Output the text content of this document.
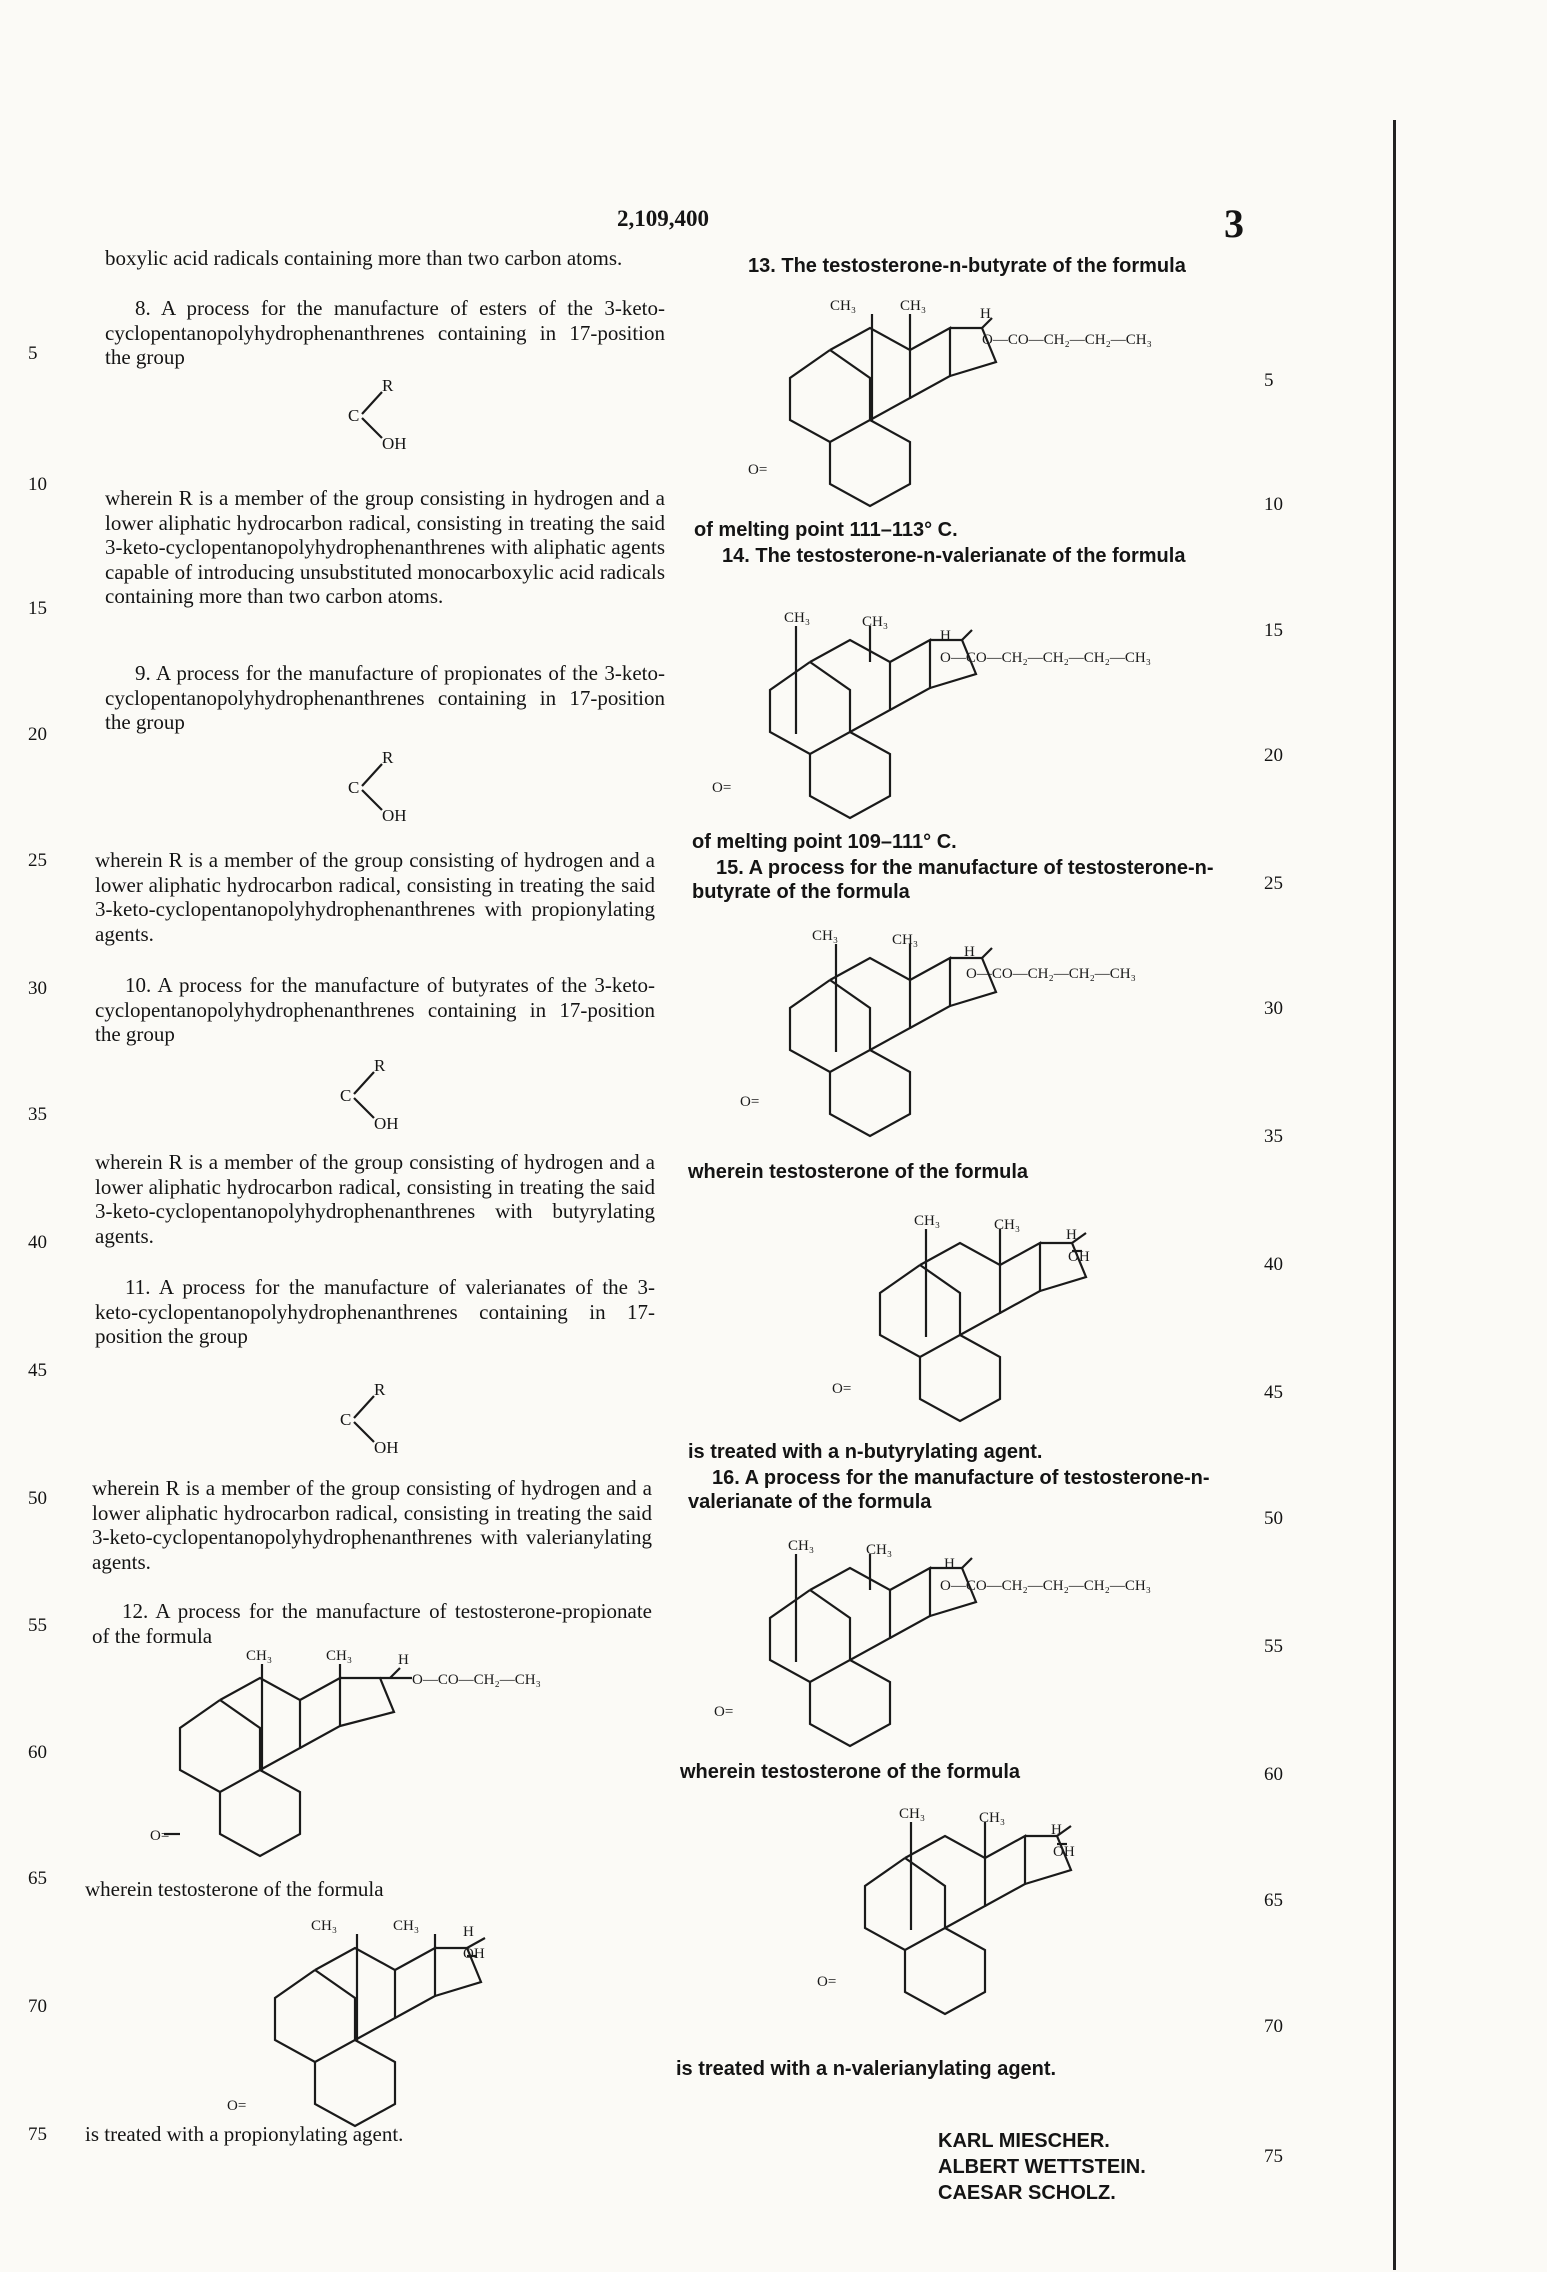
2,109,400	3
5
10
15
20
25
30
35
40
45
50
55
60
65
70
75
5
10
15
20
25
30
35
40
45
50
55
60
65
70
75
boxylic acid radicals containing more than two carbon atoms.
8. A process for the manufacture of esters of the 3-keto-cyclopentanopolyhydrophenanthrenes containing in 17-position the group
R
C
OH
wherein R is a member of the group consisting in hydrogen and a lower aliphatic hydrocarbon radical, consisting in treating the said 3-keto-cyclopentanopolyhydrophenanthrenes with aliphatic agents capable of introducing unsubstituted monocarboxylic acid radicals containing more than two carbon atoms.
9. A process for the manufacture of propionates of the 3-keto-cyclopentanopolyhydrophenanthrenes containing in 17-position the group
R
C
OH
wherein R is a member of the group consisting of hydrogen and a lower aliphatic hydrocarbon radical, consisting in treating the said 3-keto-cyclopentanopolyhydrophenanthrenes with propionylating agents.
10. A process for the manufacture of butyrates of the 3-keto-cyclopentanopolyhydrophenanthrenes containing in 17-position the group
R
C
OH
wherein R is a member of the group consisting of hydrogen and a lower aliphatic hydrocarbon radical, consisting in treating the said 3-keto-cyclopentanopolyhydrophenanthrenes with butyrylating agents.
11. A process for the manufacture of valerianates of the 3-keto-cyclopentanopolyhydrophenanthrenes containing in 17-position the group
R
C
OH
wherein R is a member of the group consisting of hydrogen and a lower aliphatic hydrocarbon radical, consisting in treating the said 3-keto-cyclopentanopolyhydrophenanthrenes with valerianylating agents.
12. A process for the manufacture of testosterone-propionate of the formula
CH₃	CH₃	H
O—CO—CH₂—CH₃
O=
wherein testosterone of the formula
CH₃	CH₃	H
OH
O=
is treated with a propionylating agent.
13. The testosterone-n-butyrate of the formula
CH₃	CH₃	H
O—CO—CH₂—CH₂—CH₃
O=
of melting point 111–113° C.
14. The testosterone-n-valerianate of the formula
CH₃	CH₃
H
O—CO—CH₂—CH₂—CH₂—CH₃
O=
of melting point 109–111° C.
15. A process for the manufacture of testosterone-n-butyrate of the formula
CH₃	CH₃
H
O—CO—CH₂—CH₂—CH₃
O=
wherein testosterone of the formula
CH₃	CH₃
H
OH
O=
is treated with a n-butyrylating agent.
16. A process for the manufacture of testosterone-n-valerianate of the formula
CH₃	CH₃
H
O—CO—CH₂—CH₂—CH₂—CH₃
O=
wherein testosterone of the formula
CH₃	CH₃
H
OH
O=
is treated with a n-valerianylating agent.
KARL MIESCHER.
ALBERT WETTSTEIN.
CAESAR SCHOLZ.
